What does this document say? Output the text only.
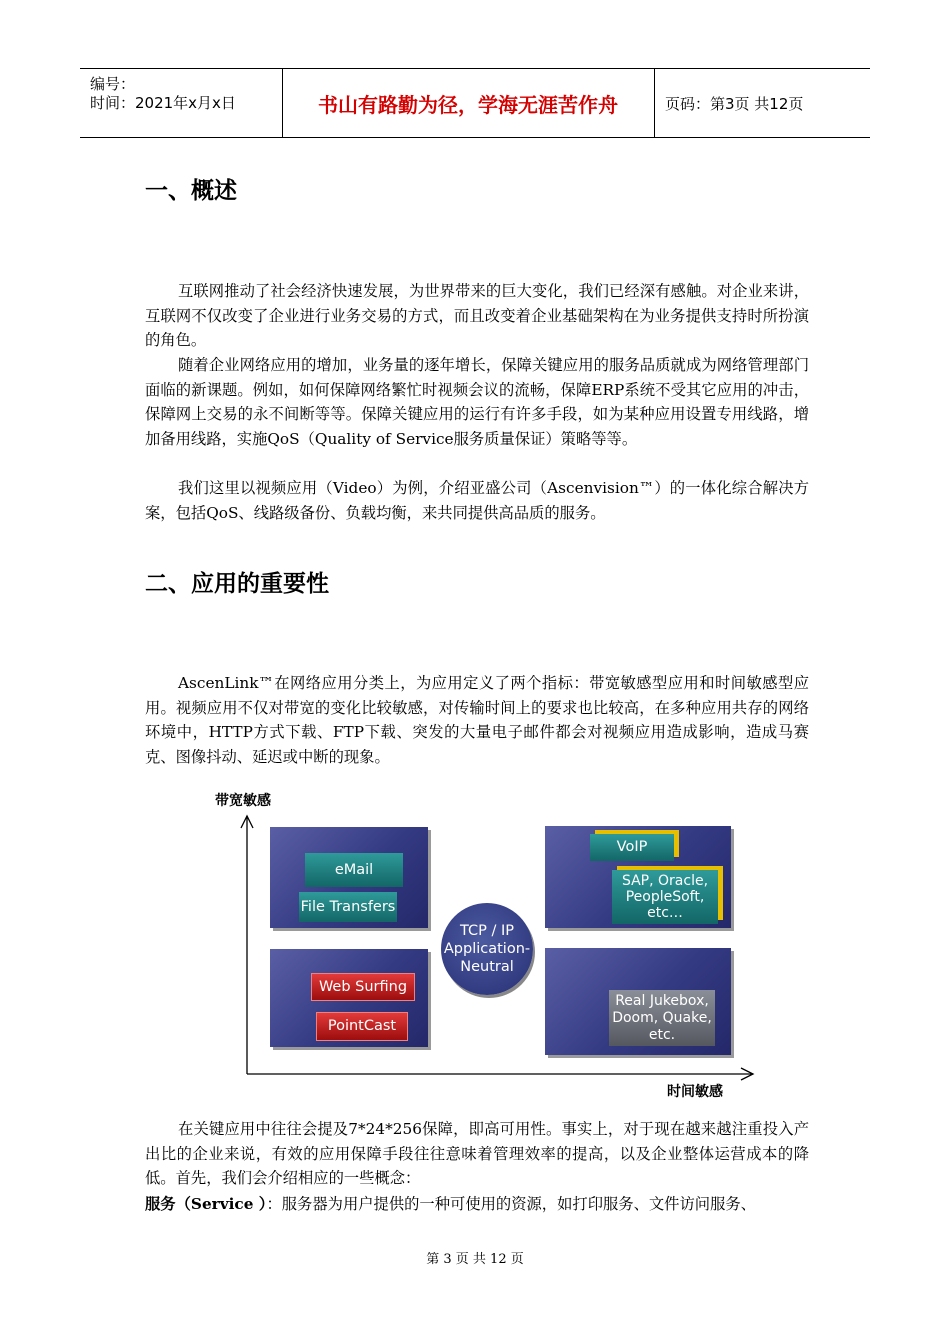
编号：
时间：2021年x月x日	书山有路勤为径，学海无涯苦作舟	页码：第3页 共12页
一、概述

互联网推动了社会经济快速发展，为世界带来的巨大变化，我们已经深有感触。对企业来讲，互联网不仅改变了企业进行业务交易的方式，而且改变着企业基础架构在为业务提供支持时所扮演的角色。

随着企业网络应用的增加，业务量的逐年增长，保障关键应用的服务品质就成为网络管理部门面临的新课题。例如，如何保障网络繁忙时视频会议的流畅，保障ERP系统不受其它应用的冲击，保障网上交易的永不间断等等。保障关键应用的运行有许多手段，如为某种应用设置专用线路，增加备用线路，实施QoS（Quality of Service服务质量保证）策略等等。

我们这里以视频应用（Video）为例，介绍亚盛公司（Ascenvision™）的一体化综合解决方案，包括QoS、线路级备份、负载均衡，来共同提供高品质的服务。

二、应用的重要性

AscenLink™在网络应用分类上，为应用定义了两个指标：带宽敏感型应用和时间敏感型应用。视频应用不仅对带宽的变化比较敏感，对传输时间上的要求也比较高，在多种应用共存的网络环境中，HTTP方式下载、FTP下载、突发的大量电子邮件都会对视频应用造成影响，造成马赛克、图像抖动、延迟或中断的现象。

带宽敏感
时间敏感
eMail
File Transfers
Web Surfing
PointCast
VoIP
SAP, Oracle, PeopleSoft, etc…
Real Jukebox, Doom, Quake, etc.
TCP / IP Application-Neutral

在关键应用中往往会提及7*24*256保障，即高可用性。事实上，对于现在越来越注重投入产出比的企业来说，有效的应用保障手段往往意味着管理效率的提高，以及企业整体运营成本的降低。首先，我们会介绍相应的一些概念：

服务（Service ）：服务器为用户提供的一种可使用的资源，如打印服务、文件访问服务、

第 3 页 共 12 页
